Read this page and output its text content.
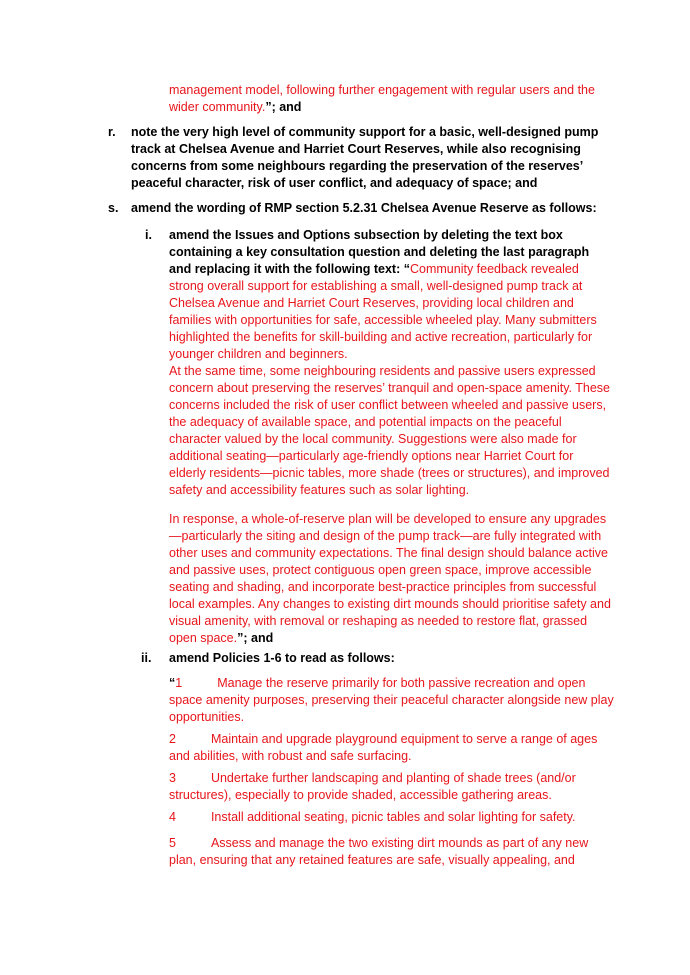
management model, following further engagement with regular users and the wider community.”; and

r. note the very high level of community support for a basic, well-designed pump track at Chelsea Avenue and Harriet Court Reserves, while also recognising concerns from some neighbours regarding the preservation of the reserves’ peaceful character, risk of user conflict, and adequacy of space; and

s. amend the wording of RMP section 5.2.31 Chelsea Avenue Reserve as follows:

i. amend the Issues and Options subsection by deleting the text box containing a key consultation question and deleting the last paragraph and replacing it with the following text: “Community feedback revealed strong overall support for establishing a small, well-designed pump track at Chelsea Avenue and Harriet Court Reserves, providing local children and families with opportunities for safe, accessible wheeled play. Many submitters highlighted the benefits for skill-building and active recreation, particularly for younger children and beginners.

At the same time, some neighbouring residents and passive users expressed concern about preserving the reserves’ tranquil and open-space amenity. These concerns included the risk of user conflict between wheeled and passive users, the adequacy of available space, and potential impacts on the peaceful character valued by the local community. Suggestions were also made for additional seating—particularly age-friendly options near Harriet Court for elderly residents—picnic tables, more shade (trees or structures), and improved safety and accessibility features such as solar lighting.

In response, a whole-of-reserve plan will be developed to ensure any upgrades—particularly the siting and design of the pump track—are fully integrated with other uses and community expectations. The final design should balance active and passive uses, protect contiguous open green space, improve accessible seating and shading, and incorporate best-practice principles from successful local examples. Any changes to existing dirt mounds should prioritise safety and visual amenity, with removal or reshaping as needed to restore flat, grassed open space.”; and

ii. amend Policies 1-6 to read as follows:

“1	Manage the reserve primarily for both passive recreation and open space amenity purposes, preserving their peaceful character alongside new play opportunities.

2	Maintain and upgrade playground equipment to serve a range of ages and abilities, with robust and safe surfacing.

3	Undertake further landscaping and planting of shade trees (and/or structures), especially to provide shaded, accessible gathering areas.

4	Install additional seating, picnic tables and solar lighting for safety.

5	Assess and manage the two existing dirt mounds as part of any new plan, ensuring that any retained features are safe, visually appealing, and
